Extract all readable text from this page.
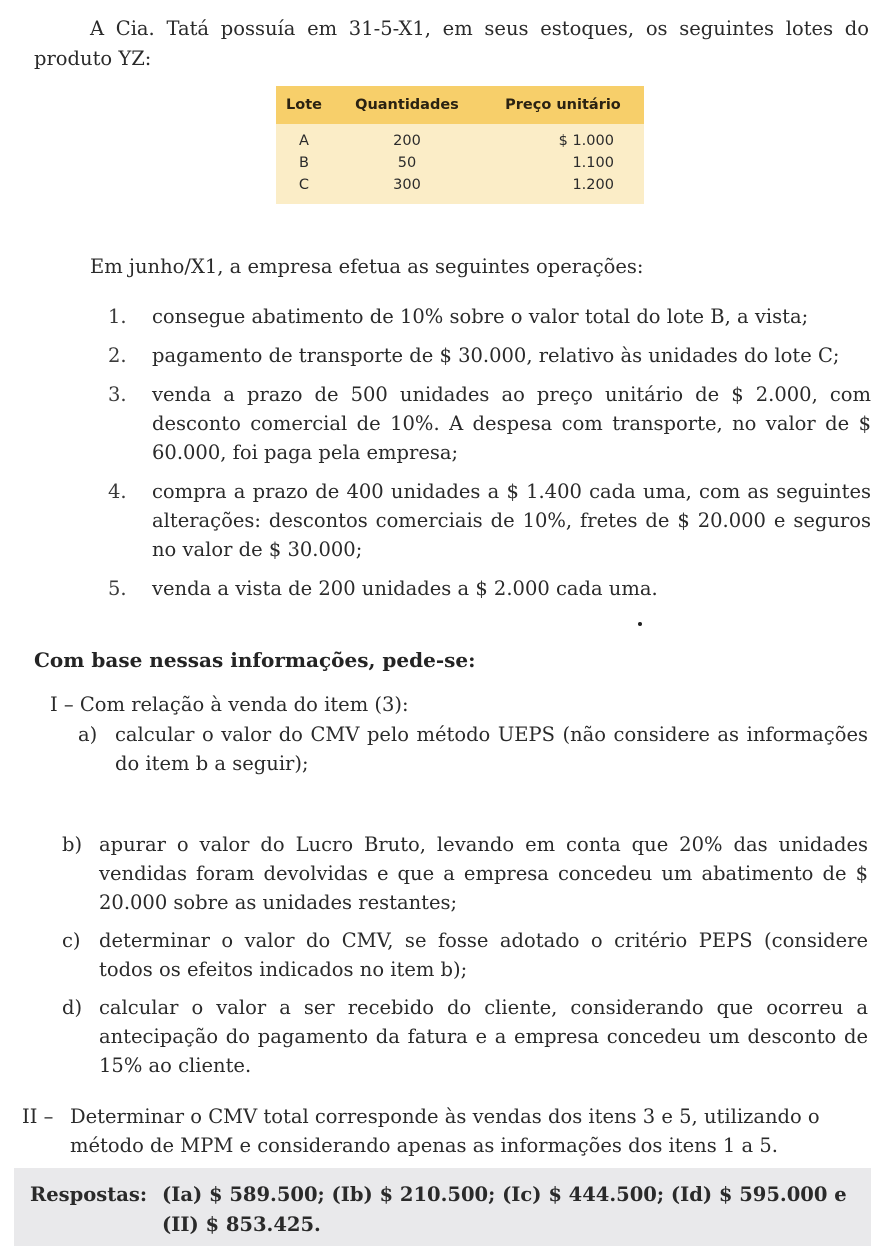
A Cia. Tatá possuía em 31-5-X1, em seus estoques, os seguintes lotes do produto YZ:

Lote	Quantidades	Preço unitário
A	200	$ 1.000
B	50	1.100
C	300	1.200

Em junho/X1, a empresa efetua as seguintes operações:

1.	consegue abatimento de 10% sobre o valor total do lote B, a vista;
2.	pagamento de transporte de $ 30.000, relativo às unidades do lote C;
3.	venda a prazo de 500 unidades ao preço unitário de $ 2.000, com desconto comercial de 10%. A despesa com transporte, no valor de $ 60.000, foi paga pela empresa;
4.	compra a prazo de 400 unidades a $ 1.400 cada uma, com as seguintes alterações: descontos comerciais de 10%, fretes de $ 20.000 e seguros no valor de $ 30.000;
5.	venda a vista de 200 unidades a $ 2.000 cada uma.

Com base nessas informações, pede-se:

I – Com relação à venda do item (3):

a) calcular o valor do CMV pelo método UEPS (não considere as informações do item b a seguir);
b) apurar o valor do Lucro Bruto, levando em conta que 20% das unidades vendidas foram devolvidas e que a empresa concedeu um abatimento de $ 20.000 sobre as unidades restantes;
c) determinar o valor do CMV, se fosse adotado o critério PEPS (considere todos os efeitos indicados no item b);
d) calcular o valor a ser recebido do cliente, considerando que ocorreu a antecipação do pagamento da fatura e a empresa concedeu um desconto de 15% ao cliente.
II – Determinar o CMV total corresponde às vendas dos itens 3 e 5, utilizando o método de MPM e considerando apenas as informações dos itens 1 a 5.
Respostas: (Ia) $ 589.500; (Ib) $ 210.500; (Ic) $ 444.500; (Id) $ 595.000 e (II) $ 853.425.
